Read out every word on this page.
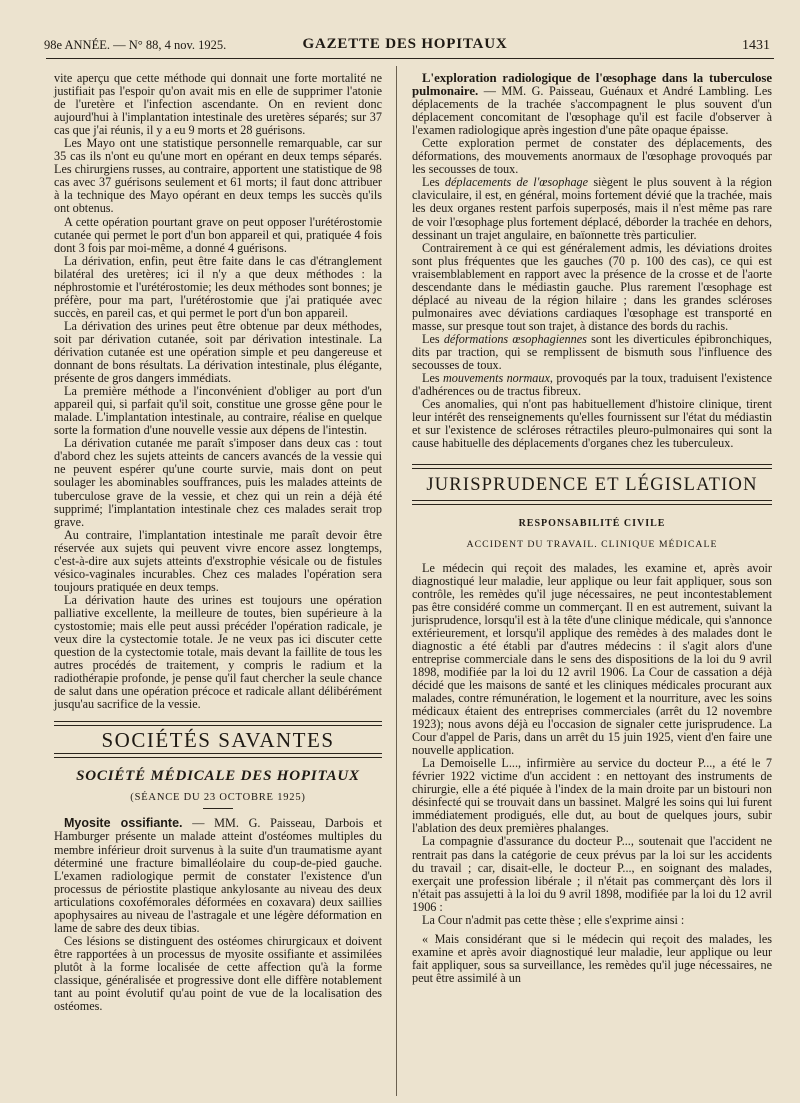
98e ANNÉE. — N° 88, 4 nov. 1925.	GAZETTE DES HOPITAUX	1431

vite aperçu que cette méthode qui donnait une forte mortalité ne justifiait pas l'espoir qu'on avait mis en elle de supprimer l'atonie de l'uretère et l'infection ascendante. On en revient donc aujourd'hui à l'implantation intestinale des uretères séparés; sur 37 cas que j'ai réunis, il y a eu 9 morts et 28 guérisons.

Les Mayo ont une statistique personnelle remarquable, car sur 35 cas ils n'ont eu qu'une mort en opérant en deux temps séparés. Les chirurgiens russes, au contraire, apportent une statistique de 98 cas avec 37 guérisons seulement et 61 morts; il faut donc attribuer à la technique des Mayo opérant en deux temps les succès qu'ils ont obtenus.

A cette opération pourtant grave on peut opposer l'urétérostomie cutanée qui permet le port d'un bon appareil et qui, pratiquée 4 fois dont 3 fois par moi-même, a donné 4 guérisons.

La dérivation, enfin, peut être faite dans le cas d'étranglement bilatéral des uretères; ici il n'y a que deux méthodes : la néphrostomie et l'urétérostomie; les deux méthodes sont bonnes; je préfère, pour ma part, l'urétérostomie que j'ai pratiquée avec succès, en pareil cas, et qui permet le port d'un bon appareil.

La dérivation des urines peut être obtenue par deux méthodes, soit par dérivation cutanée, soit par dérivation intestinale. La dérivation cutanée est une opération simple et peu dangereuse et donnant de bons résultats. La dérivation intestinale, plus élégante, présente de gros dangers immédiats.

La première méthode a l'inconvénient d'obliger au port d'un appareil qui, si parfait qu'il soit, constitue une grosse gêne pour le malade. L'implantation intestinale, au contraire, réalise en quelque sorte la formation d'une nouvelle vessie aux dépens de l'intestin.

La dérivation cutanée me paraît s'imposer dans deux cas : tout d'abord chez les sujets atteints de cancers avancés de la vessie qui ne peuvent espérer qu'une courte survie, mais dont on peut soulager les abominables souffrances, puis les malades atteints de tuberculose grave de la vessie, et chez qui un rein a déjà été supprimé; l'implantation intestinale chez ces malades serait trop grave.

Au contraire, l'implantation intestinale me paraît devoir être réservée aux sujets qui peuvent vivre encore assez longtemps, c'est-à-dire aux sujets atteints d'exstrophie vésicale ou de fistules vésico-vaginales incurables. Chez ces malades l'opération sera toujours pratiquée en deux temps.

La dérivation haute des urines est toujours une opération palliative excellente, la meilleure de toutes, bien supérieure à la cystostomie; mais elle peut aussi précéder l'opération radicale, je veux dire la cystectomie totale. Je ne veux pas ici discuter cette question de la cystectomie totale, mais devant la faillite de tous les autres procédés de traitement, y compris le radium et la radiothérapie profonde, je pense qu'il faut chercher la seule chance de salut dans une opération précoce et radicale allant délibérément jusqu'au sacrifice de la vessie.

SOCIÉTÉS SAVANTES
SOCIÉTÉ MÉDICALE DES HOPITAUX
(SÉANCE DU 23 OCTOBRE 1925)

Myosite ossifiante. — MM. G. Paisseau, Darbois et Hamburger présente un malade atteint d'ostéomes multiples du membre inférieur droit survenus à la suite d'un traumatisme ayant déterminé une fracture bimalléolaire du coup-de-pied gauche. L'examen radiologique permit de constater l'existence d'un processus de périostite plastique ankylosante au niveau des deux articulations coxofémorales déformées en coxavara) deux saillies apophysaires au niveau de l'astragale et une légère déformation en lame de sabre des deux tibias.

Ces lésions se distinguent des ostéomes chirurgicaux et doivent être rapportées à un processus de myosite ossifiante et assimilées plutôt à la forme localisée de cette affection qu'à la forme classique, généralisée et progressive dont elle diffère notablement tant au point évolutif qu'au point de vue de la localisation des ostéomes.

L'exploration radiologique de l'œsophage dans la tuberculose pulmonaire. — MM. G. Paisseau, Guénaux et André Lambling. Les déplacements de la trachée s'accompagnent le plus souvent d'un déplacement concomitant de l'œsophage qu'il est facile d'observer à l'examen radiologique après ingestion d'une pâte opaque épaisse.

Cette exploration permet de constater des déplacements, des déformations, des mouvements anormaux de l'œsophage provoqués par les secousses de toux.

Les déplacements de l'œsophage siègent le plus souvent à la région claviculaire, il est, en général, moins fortement dévié que la trachée, mais les deux organes restent parfois superposés, mais il n'est même pas rare de voir l'œsophage plus fortement déplacé, déborder la trachée en dehors, dessinant un trajet angulaire, en baïonnette très particulier.

Contrairement à ce qui est généralement admis, les déviations droites sont plus fréquentes que les gauches (70 p. 100 des cas), ce qui est vraisemblablement en rapport avec la présence de la crosse et de l'aorte descendante dans le médiastin gauche. Plus rarement l'œsophage est déplacé au niveau de la région hilaire ; dans les grandes scléroses pulmonaires avec déviations cardiaques l'œsophage est transporté en masse, sur presque tout son trajet, à distance des bords du rachis.

Les déformations œsophagiennes sont les diverticules épibronchiques, dits par traction, qui se remplissent de bismuth sous l'influence des secousses de toux.

Les mouvements normaux, provoqués par la toux, traduisent l'existence d'adhérences ou de tractus fibreux.

Ces anomalies, qui n'ont pas habituellement d'histoire clinique, tirent leur intérêt des renseignements qu'elles fournissent sur l'état du médiastin et sur l'existence de scléroses rétractiles pleuro-pulmonaires qui sont la cause habituelle des déplacements d'organes chez les tuberculeux.

JURISPRUDENCE ET LÉGISLATION
RESPONSABILITÉ CIVILE
ACCIDENT DU TRAVAIL. CLINIQUE MÉDICALE

Le médecin qui reçoit des malades, les examine et, après avoir diagnostiqué leur maladie, leur applique ou leur fait appliquer, sous son contrôle, les remèdes qu'il juge nécessaires, ne peut incontestablement pas être considéré comme un commerçant. Il en est autrement, suivant la jurisprudence, lorsqu'il est à la tête d'une clinique médicale, qui s'annonce extérieurement, et lorsqu'il applique des remèdes à des malades dont le diagnostic a été établi par d'autres médecins : il s'agit alors d'une entreprise commerciale dans le sens des dispositions de la loi du 9 avril 1898, modifiée par la loi du 12 avril 1906. La Cour de cassation a déjà décidé que les maisons de santé et les cliniques médicales procurant aux malades, contre rémunération, le logement et la nourriture, avec les soins médicaux étaient des entreprises commerciales (arrêt du 12 novembre 1923); nous avons déjà eu l'occasion de signaler cette jurisprudence. La Cour d'appel de Paris, dans un arrêt du 15 juin 1925, vient d'en faire une nouvelle application.

La Demoiselle L..., infirmière au service du docteur P..., a été le 7 février 1922 victime d'un accident : en nettoyant des instruments de chirurgie, elle a été piquée à l'index de la main droite par un bistouri non désinfecté qui se trouvait dans un bassinet. Malgré les soins qui lui furent immédiatement prodigués, elle dut, au bout de quelques jours, subir l'ablation des deux premières phalanges.

La compagnie d'assurance du docteur P..., soutenait que l'accident ne rentrait pas dans la catégorie de ceux prévus par la loi sur les accidents du travail ; car, disait-elle, le docteur P..., en soignant des malades, exerçait une profession libérale ; il n'était pas commerçant dès lors il n'était pas assujetti à la loi du 9 avril 1898, modifiée par la loi du 12 avril 1906 :

La Cour n'admit pas cette thèse ; elle s'exprime ainsi :

« Mais considérant que si le médecin qui reçoit des malades, les examine et après avoir diagnostiqué leur maladie, leur applique ou leur fait appliquer, sous sa surveillance, les remèdes qu'il juge nécessaires, ne peut être assimilé à un
